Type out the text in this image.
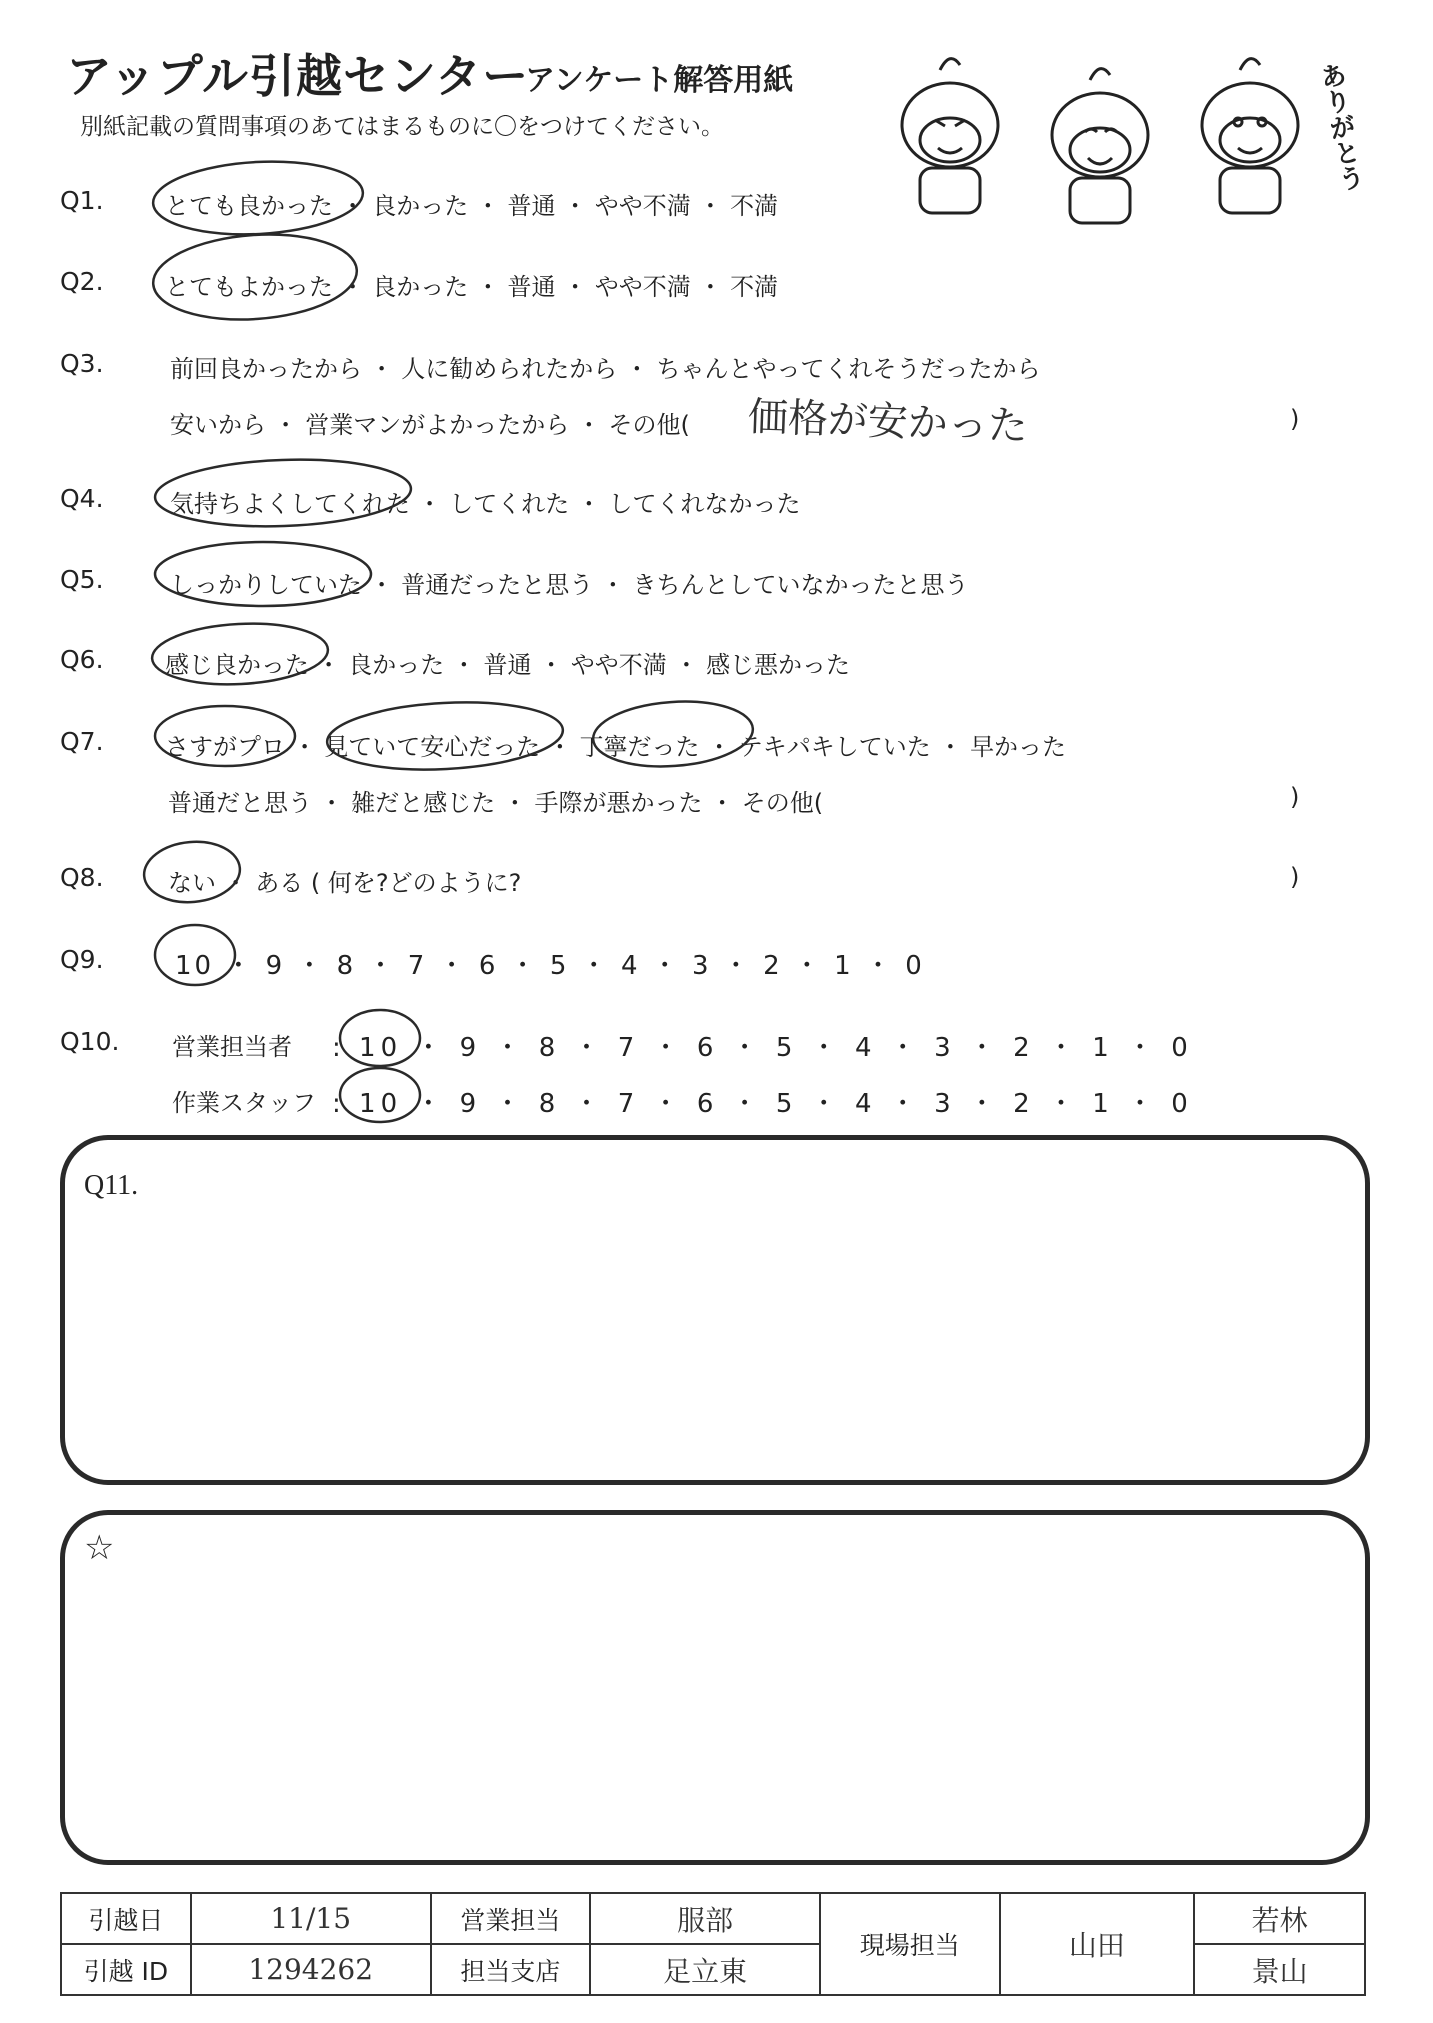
アップル引越センター
アンケート解答用紙
別紙記載の質問事項のあてはまるものに〇をつけてください。	ありがとう
Q1.	とても良かった ・ 良かった ・ 普通 ・ やや不満 ・ 不満
Q2.	とてもよかった ・ 良かった ・ 普通 ・ やや不満 ・ 不満
Q3.	前回良かったから ・ 人に勧められたから ・ ちゃんとやってくれそうだったから
安いから ・ 営業マンがよかったから ・ その他( 価格が安かった	)
Q4.	気持ちよくしてくれた ・ してくれた ・ してくれなかった
Q5.	しっかりしていた ・ 普通だったと思う ・ きちんとしていなかったと思う
Q6.	感じ良かった ・ 良かった ・ 普通 ・ やや不満 ・ 感じ悪かった
Q7.	さすがプロ ・ 見ていて安心だった ・ 丁寧だった ・ テキパキしていた ・ 早かった
普通だと思う ・ 雑だと感じた ・ 手際が悪かった ・ その他(	)
Q8.	ない ・ ある ( 何を?どのように?	)
Q9.	10 ・ 9 ・ 8 ・ 7 ・ 6 ・ 5 ・ 4 ・ 3 ・ 2 ・ 1 ・ 0
Q10. 営業担当者 : 10 ・ 9 ・ 8 ・ 7 ・ 6 ・ 5 ・ 4 ・ 3 ・ 2 ・ 1 ・ 0
作業スタッフ : 10 ・ 9 ・ 8 ・ 7 ・ 6 ・ 5 ・ 4 ・ 3 ・ 2 ・ 1 ・ 0
Q11.
☆
引越日	11/15	営業担当	服部	現場担当	山田	若林
引越 ID	1294262	担当支店	足立東			景山
